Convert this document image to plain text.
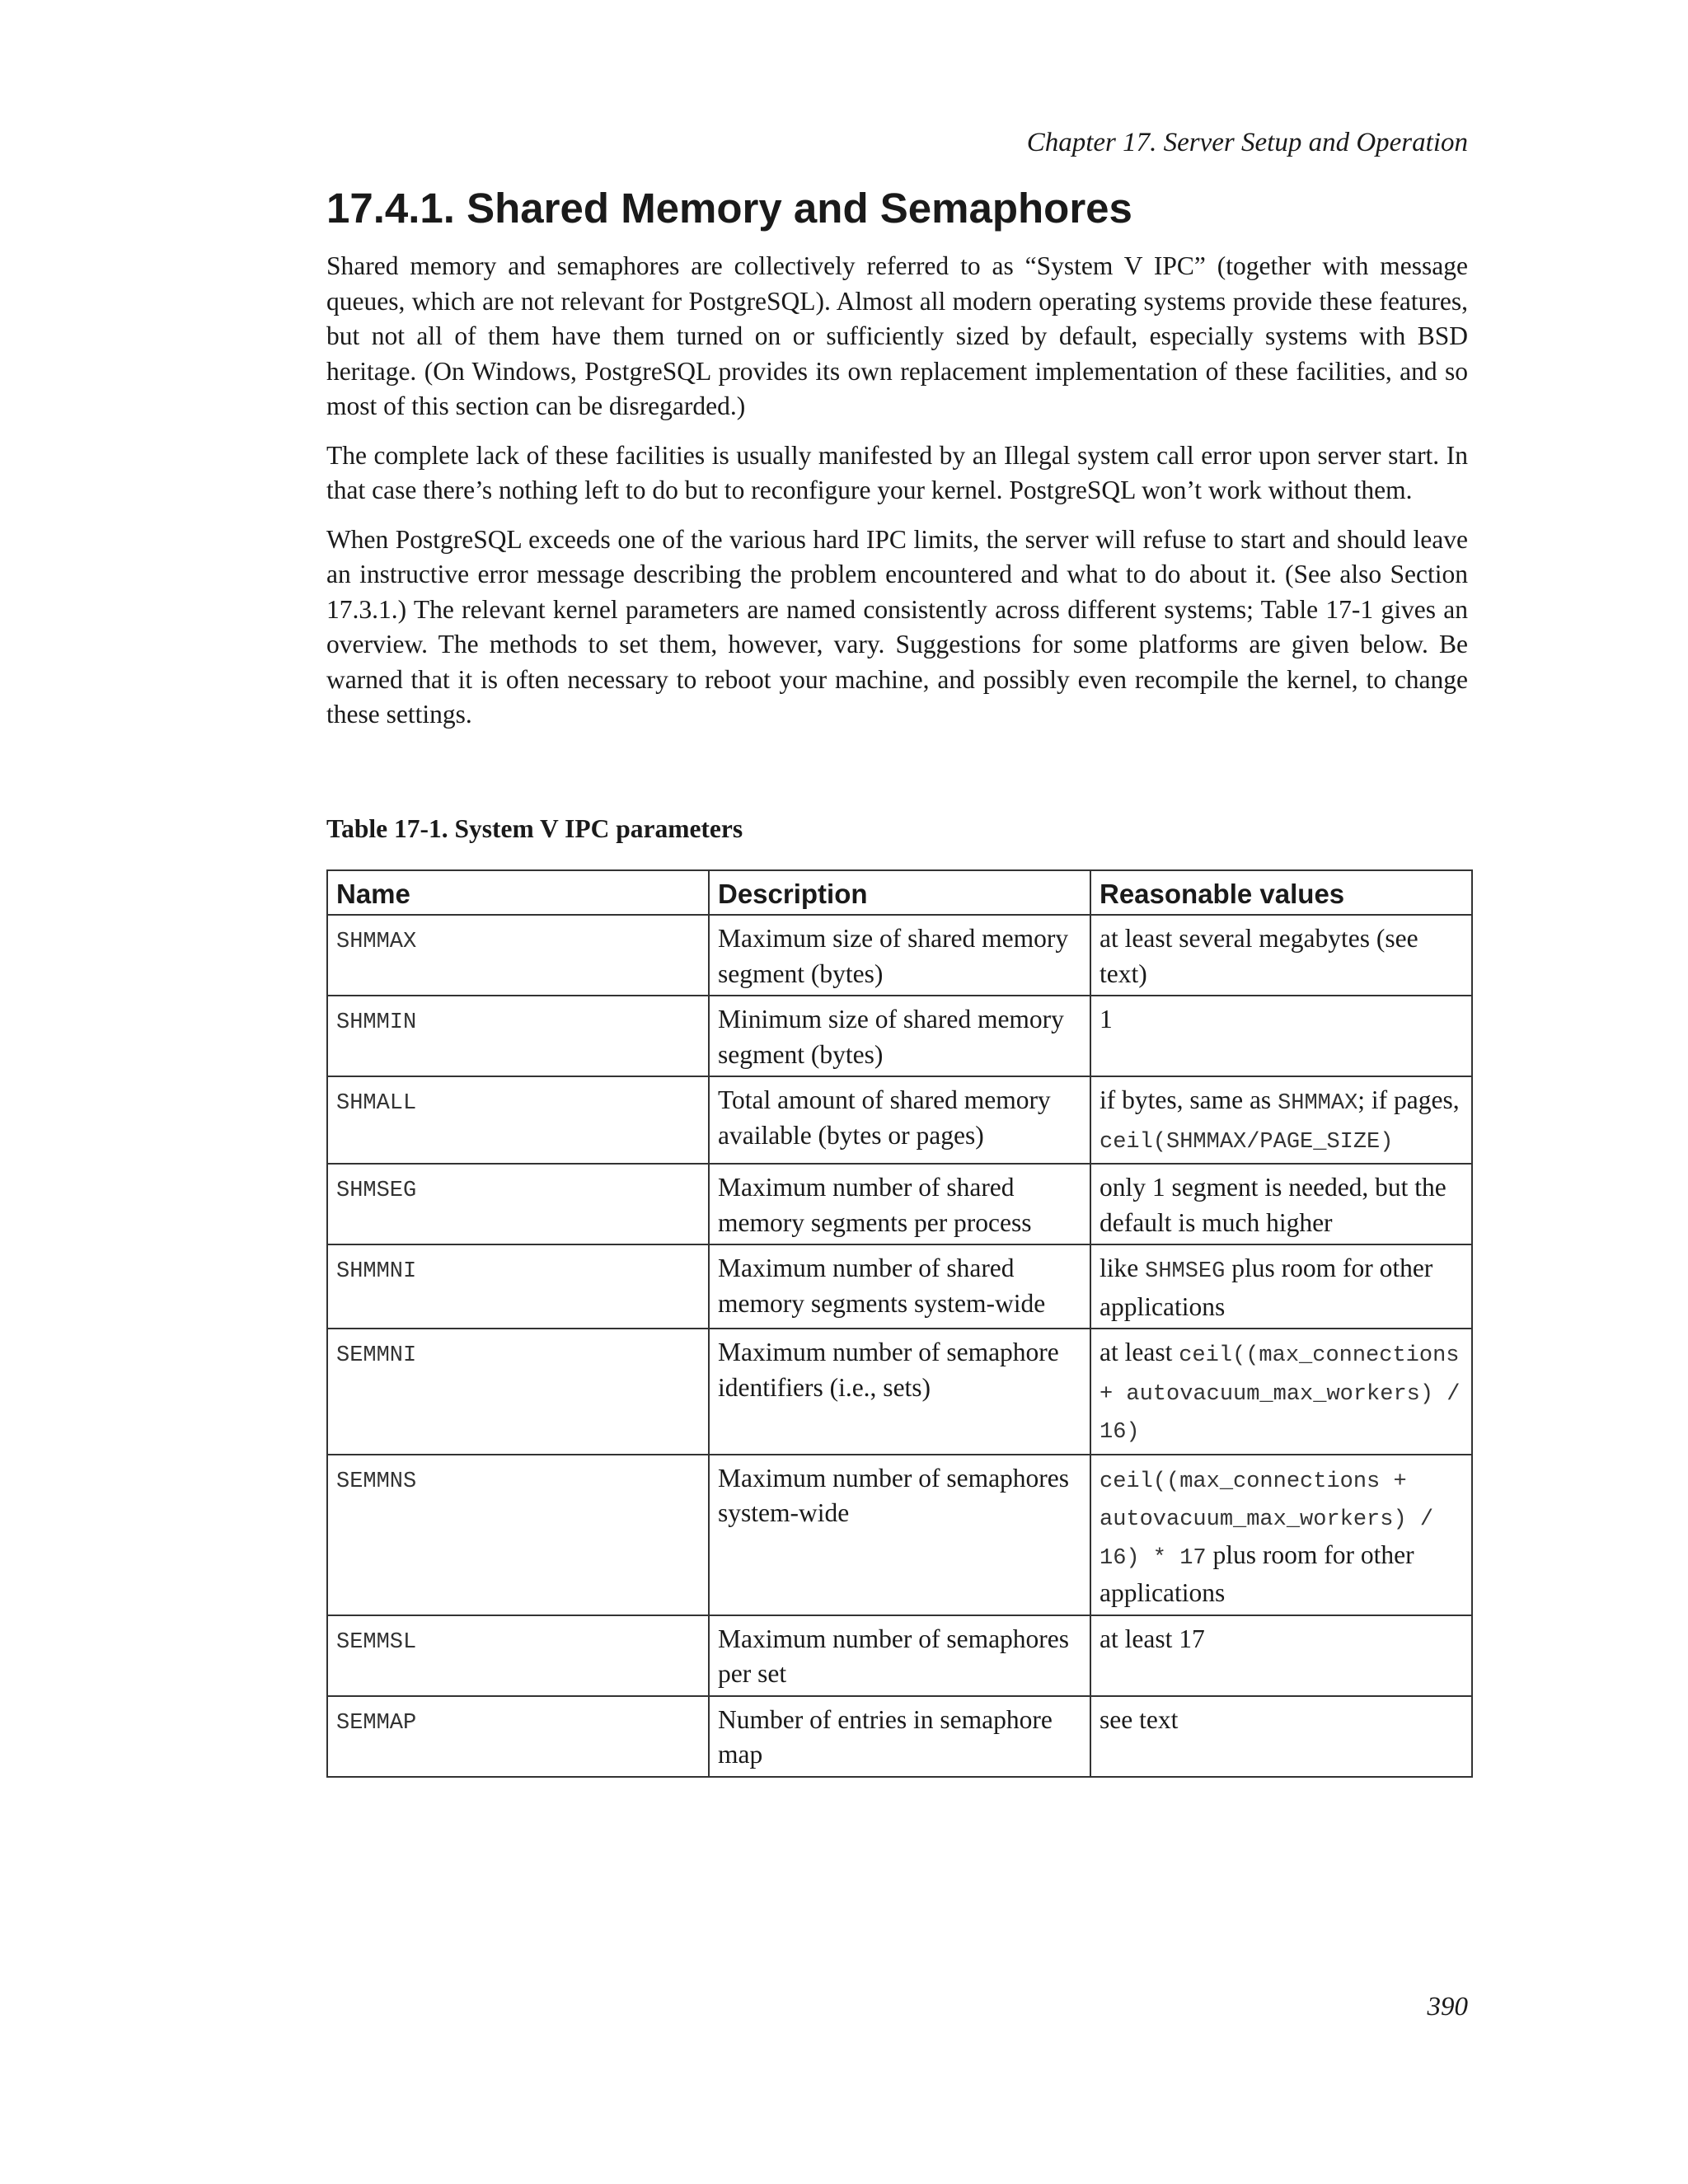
Chapter 17. Server Setup and Operation
17.4.1. Shared Memory and Semaphores

Shared memory and semaphores are collectively referred to as “System V IPC” (together with message queues, which are not relevant for PostgreSQL). Almost all modern operating systems provide these features, but not all of them have them turned on or sufficiently sized by default, especially systems with BSD heritage. (On Windows, PostgreSQL provides its own replacement implementation of these facilities, and so most of this section can be disregarded.)

The complete lack of these facilities is usually manifested by an Illegal system call error upon server start. In that case there’s nothing left to do but to reconfigure your kernel. PostgreSQL won’t work without them.

When PostgreSQL exceeds one of the various hard IPC limits, the server will refuse to start and should leave an instructive error message describing the problem encountered and what to do about it. (See also Section 17.3.1.) The relevant kernel parameters are named consistently across different systems; Table 17-1 gives an overview. The methods to set them, however, vary. Suggestions for some platforms are given below. Be warned that it is often necessary to reboot your machine, and possibly even recompile the kernel, to change these settings.

Table 17-1. System V IPC parameters
Name	Description	Reasonable values
SHMMAX	Maximum size of shared memory segment (bytes)	at least several megabytes (see text)
SHMMIN	Minimum size of shared memory segment (bytes)	1
SHMALL	Total amount of shared memory available (bytes or pages)	if bytes, same as SHMMAX; if pages, ceil(SHMMAX/PAGE_SIZE)
SHMSEG	Maximum number of shared memory segments per process	only 1 segment is needed, but the default is much higher
SHMMNI	Maximum number of shared memory segments system-wide	like SHMSEG plus room for other applications
SEMMNI	Maximum number of semaphore identifiers (i.e., sets)	at least ceil((max_connections + autovacuum_max_workers) / 16)
SEMMNS	Maximum number of semaphores system-wide	ceil((max_connections + autovacuum_max_workers) / 16) * 17 plus room for other applications
SEMMSL	Maximum number of semaphores per set	at least 17
SEMMAP	Number of entries in semaphore map	see text
390
